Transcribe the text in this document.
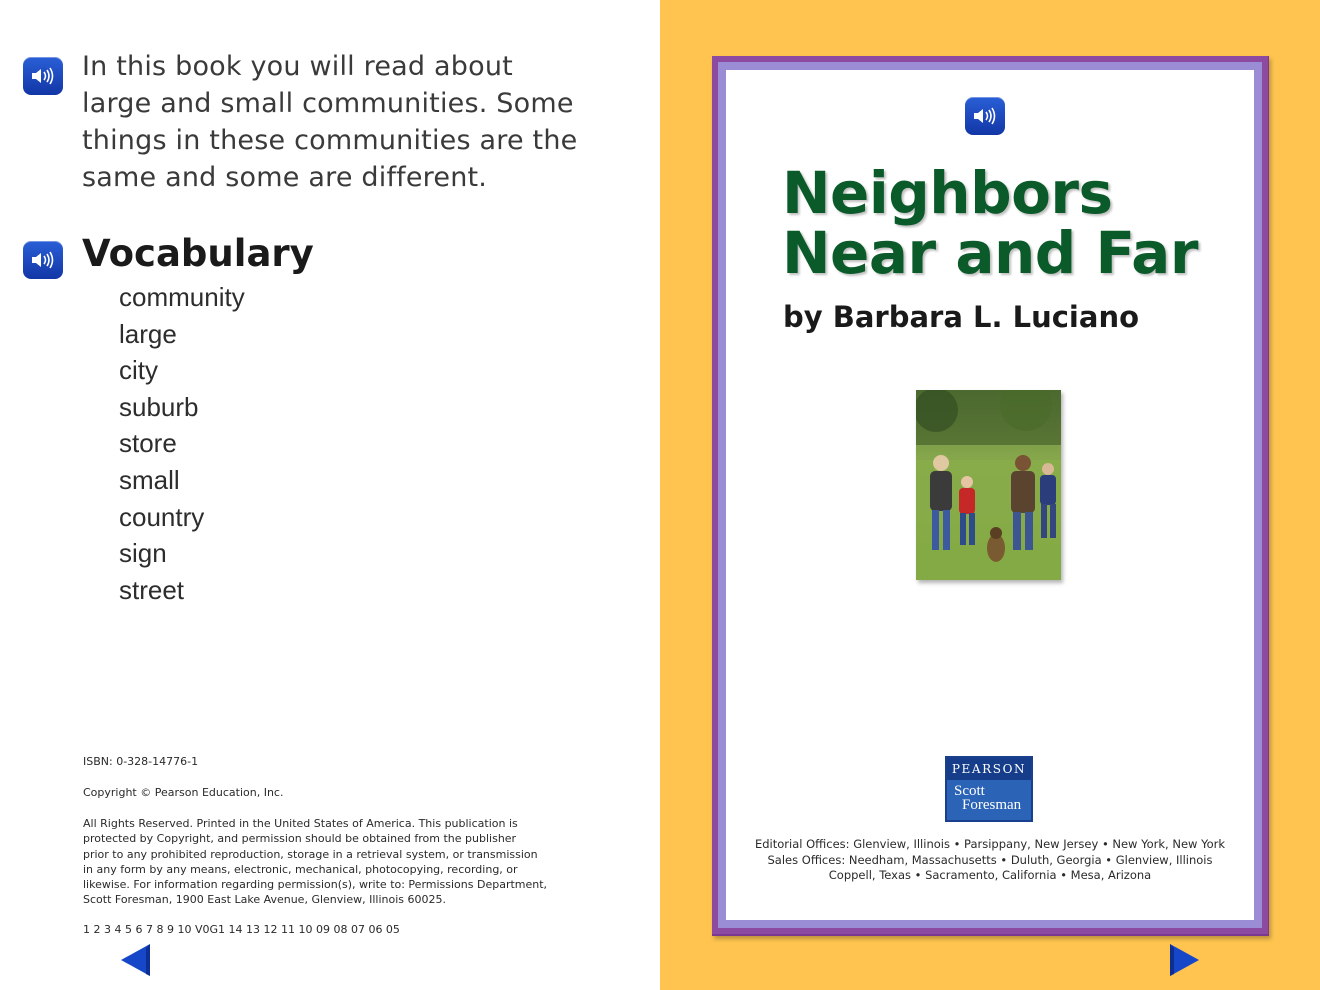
In this book you will read about large and small communities. Some things in these communities are the same and some are different.

Vocabulary
community
large
city
suburb
store
small
country
sign
street
ISBN: 0-328-14776-1
Copyright © Pearson Education, Inc.
All Rights Reserved. Printed in the United States of America. This publication is
protected by Copyright, and permission should be obtained from the publisher
prior to any prohibited reproduction, storage in a retrieval system, or transmission
in any form by any means, electronic, mechanical, photocopying, recording, or
likewise. For information regarding permission(s), write to: Permissions Department,
Scott Foresman, 1900 East Lake Avenue, Glenview, Illinois 60025.
1 2 3 4 5 6 7 8 9 10 V0G1 14 13 12 11 10 09 08 07 06 05
Neighbors
Near and Far
by Barbara L. Luciano
PEARSON
Scott
Foresman
Editorial Offices: Glenview, Illinois • Parsippany, New Jersey • New York, New York
Sales Offices: Needham, Massachusetts • Duluth, Georgia • Glenview, Illinois
Coppell, Texas • Sacramento, California • Mesa, Arizona
